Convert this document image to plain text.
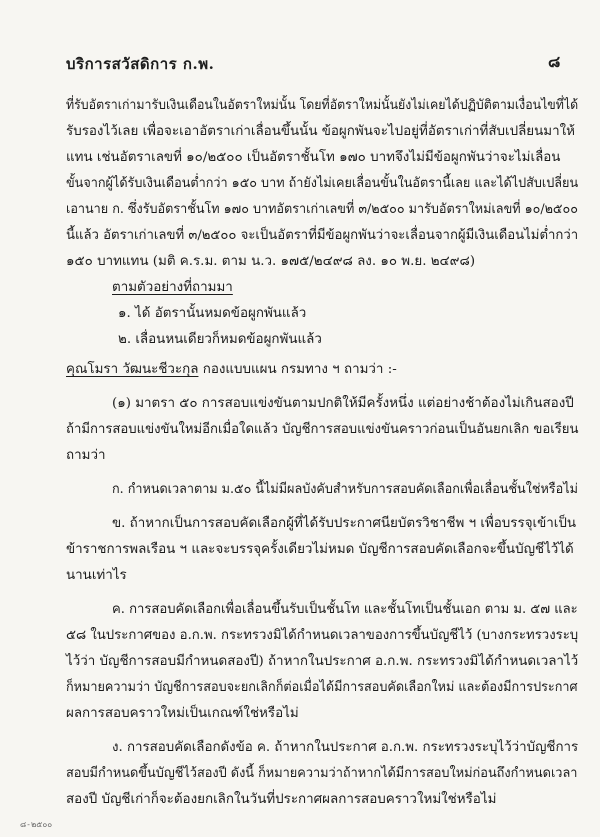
บริการสวัสดิการ ก.พ.	๘
ที่รับอัตราเก่ามารับเงินเดือนในอัตราใหม่นั้น โดยที่อัตราใหม่นั้นยังไม่เคยได้ปฏิบัติตามเงื่อนไขที่ได้
รับรองไว้เลย เพื่อจะเอาอัตราเก่าเลื่อนขึ้นนั้น ข้อผูกพันจะไปอยู่ที่อัตราเก่าที่สับเปลี่ยนมาให้
แทน เช่นอัตราเลขที่ ๑๐/๒๕๐๐ เป็นอัตราชั้นโท ๑๗๐ บาทจึงไม่มีข้อผูกพันว่าจะไม่เลื่อน
ขั้นจากผู้ได้รับเงินเดือนต่ำกว่า ๑๕๐ บาท ถ้ายังไม่เคยเลื่อนขั้นในอัตรานี้เลย และได้ไปสับเปลี่ยน
เอานาย ก. ซึ่งรับอัตราชั้นโท ๑๗๐ บาทอัตราเก่าเลขที่ ๓/๒๕๐๐ มารับอัตราใหม่เลขที่ ๑๐/๒๕๐๐
นี้แล้ว อัตราเก่าเลขที่ ๓/๒๕๐๐ จะเป็นอัตราที่มีข้อผูกพันว่าจะเลื่อนจากผู้มีเงินเดือนไม่ต่ำกว่า
๑๕๐ บาทแทน (มติ ค.ร.ม. ตาม น.ว. ๑๗๕/๒๔๙๘ ลง. ๑๐ พ.ย. ๒๔๙๘)
ตามตัวอย่างที่ถามมา
๑. ได้ อัตรานั้นหมดข้อผูกพันแล้ว
๒. เลื่อนหนเดียวก็หมดข้อผูกพันแล้ว
คุณโมรา วัฒนะชีวะกุล กองแบบแผน กรมทาง ฯ ถามว่า :-
(๑) มาตรา ๕๐ การสอบแข่งขันตามปกติให้มีครั้งหนึ่ง แต่อย่างช้าต้องไม่เกินสองปี
ถ้ามีการสอบแข่งขันใหม่อีกเมื่อใดแล้ว บัญชีการสอบแข่งขันคราวก่อนเป็นอันยกเลิก ขอเรียน
ถามว่า
ก. กำหนดเวลาตาม ม.๕๐ นี้ไม่มีผลบังคับสำหรับการสอบคัดเลือกเพื่อเลื่อนชั้นใช่หรือไม่
ข. ถ้าหากเป็นการสอบคัดเลือกผู้ที่ได้รับประกาศนียบัตรวิชาชีพ ฯ เพื่อบรรจุเข้าเป็น
ข้าราชการพลเรือน ฯ และจะบรรจุครั้งเดียวไม่หมด บัญชีการสอบคัดเลือกจะขึ้นบัญชีไว้ได้
นานเท่าไร
ค. การสอบคัดเลือกเพื่อเลื่อนขึ้นรับเป็นชั้นโท และชั้นโทเป็นชั้นเอก ตาม ม. ๕๗ และ
๕๘ ในประกาศของ อ.ก.พ. กระทรวงมิได้กำหนดเวลาของการขึ้นบัญชีไว้ (บางกระทรวงระบุ
ไว้ว่า บัญชีการสอบมีกำหนดสองปี) ถ้าหากในประกาศ อ.ก.พ. กระทรวงมิได้กำหนดเวลาไว้
ก็หมายความว่า บัญชีการสอบจะยกเลิกก็ต่อเมื่อได้มีการสอบคัดเลือกใหม่ และต้องมีการประกาศ
ผลการสอบคราวใหม่เป็นเกณฑ์ใช่หรือไม่
ง. การสอบคัดเลือกดังข้อ ค. ถ้าหากในประกาศ อ.ก.พ. กระทรวงระบุไว้ว่าบัญชีการ
สอบมีกำหนดขึ้นบัญชีไว้สองปี ดังนี้ ก็หมายความว่าถ้าหากได้มีการสอบใหม่ก่อนถึงกำหนดเวลา
สองปี บัญชีเก่าก็จะต้องยกเลิกในวันที่ประกาศผลการสอบคราวใหม่ใช่หรือไม่
๘-๒๕๐๐
